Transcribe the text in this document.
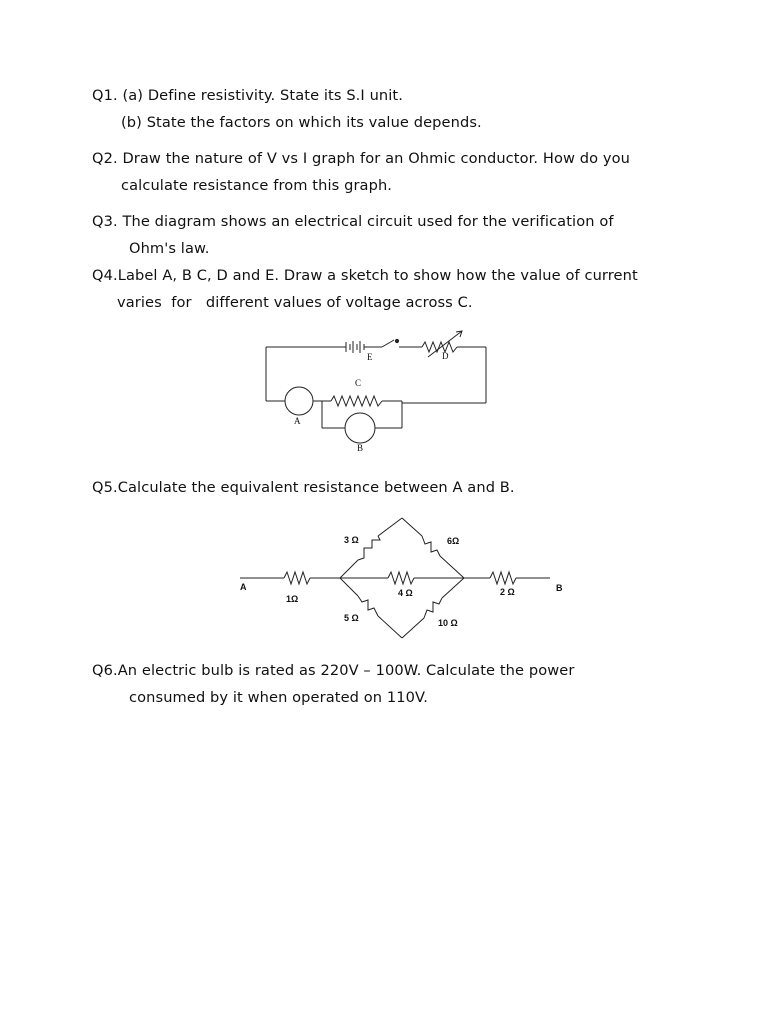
Q1. (a) Define resistivity. State its S.I unit.
(b) State the factors on which its value depends.
Q2. Draw the nature of V vs I graph for an Ohmic conductor. How do you
calculate resistance from this graph.
Q3. The diagram shows an electrical circuit used for the verification of
Ohm's law.
Q4.Label A, B C, D and E. Draw a sketch to show how the value of current
varies  for   different values of voltage across C.
E	D
C
A
B
Q5.Calculate the equivalent resistance between A and B.
A	B
1Ω
2 Ω
3 Ω	6Ω
4 Ω
5 Ω	10 Ω
Q6.An electric bulb is rated as 220V – 100W. Calculate the power
consumed by it when operated on 110V.
